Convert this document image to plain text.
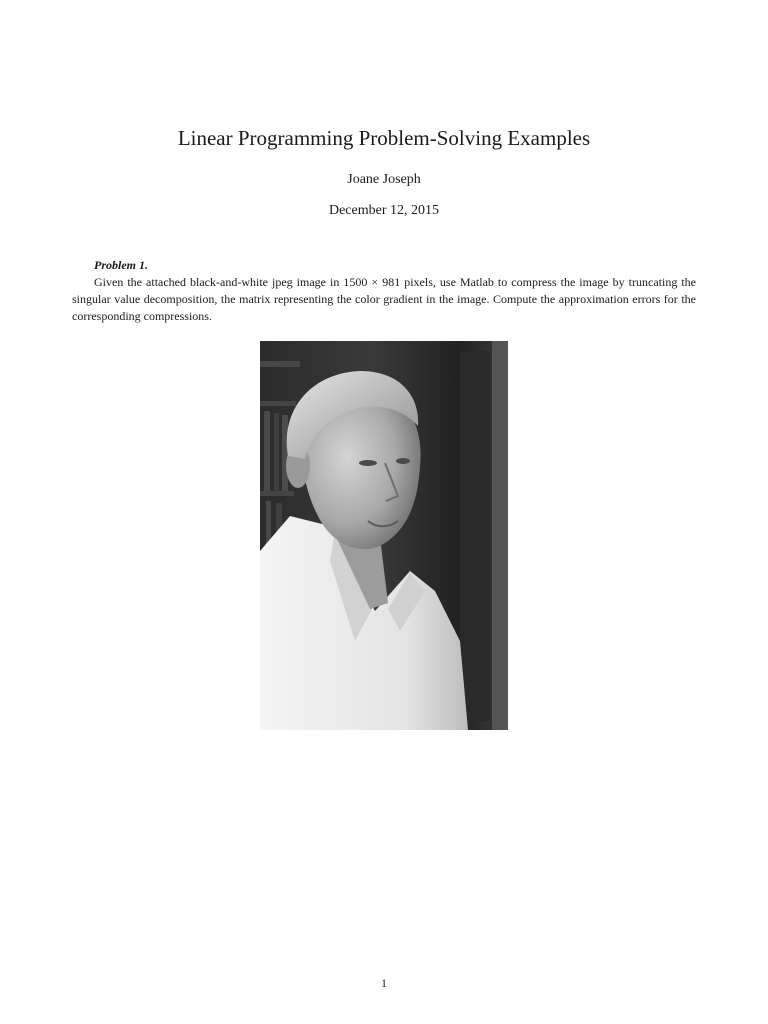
Linear Programming Problem-Solving Examples
Joane Joseph
December 12, 2015
Problem 1.
Given the attached black-and-white jpeg image in 1500 × 981 pixels, use Matlab to compress the image by truncating the singular value decomposition, the matrix representing the color gradient in the image. Compute the approximation errors for the corresponding compressions.
1
